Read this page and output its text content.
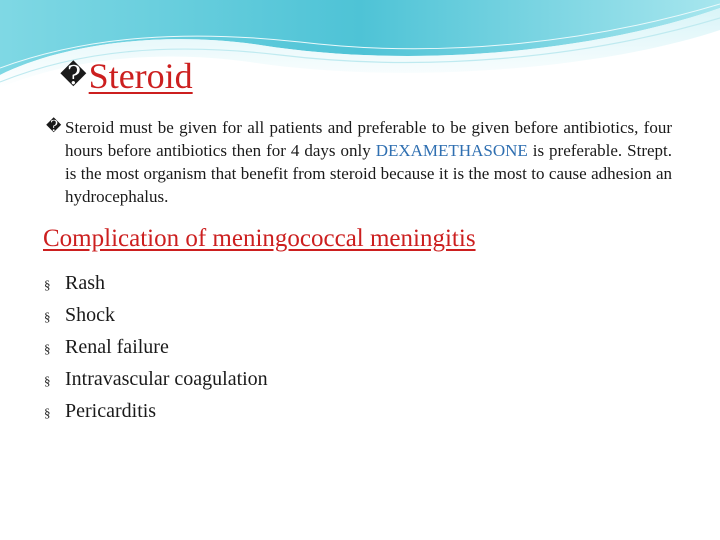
�Steroid
� Steroid must be given for all patients and preferable to be given before antibiotics, four hours before antibiotics then for 4 days only DEXAMETHASONE is preferable. Strept. is the most organism that benefit from steroid because it is the most to cause adhesion an hydrocephalus.

Complication of meningococcal meningitis
§ Rash
§ Shock
§ Renal failure
§ Intravascular coagulation
§ Pericarditis
